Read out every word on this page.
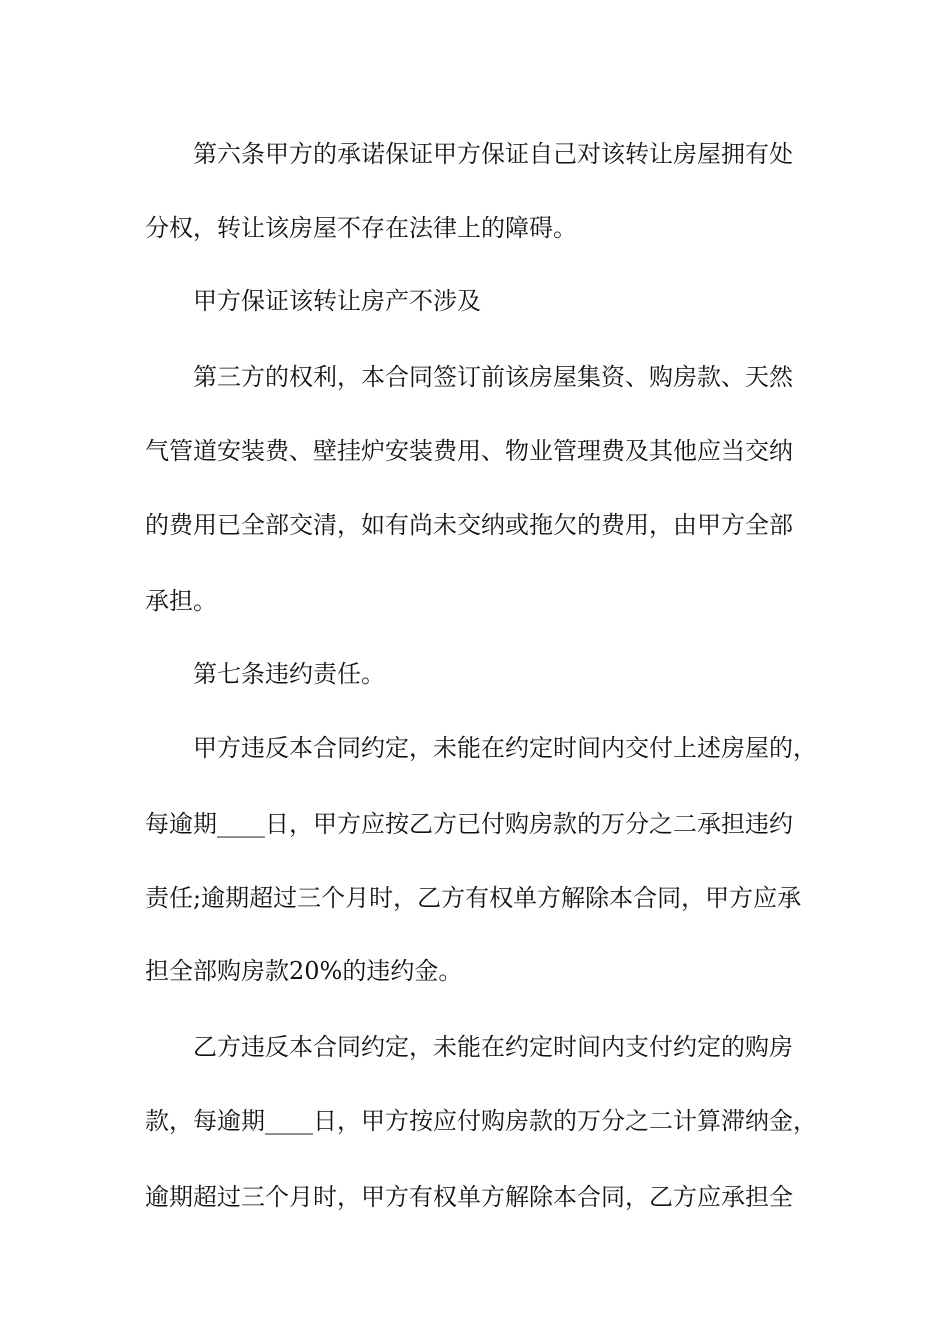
第六条甲方的承诺保证甲方保证自己对该转让房屋拥有处
分权，转让该房屋不存在法律上的障碍。
甲方保证该转让房产不涉及
第三方的权利，本合同签订前该房屋集资、购房款、天然
气管道安装费、壁挂炉安装费用、物业管理费及其他应当交纳
的费用已全部交清，如有尚未交纳或拖欠的费用，由甲方全部
承担。
第七条违约责任。
甲方违反本合同约定，未能在约定时间内交付上述房屋的，
每逾期____日，甲方应按乙方已付购房款的万分之二承担违约
责任;逾期超过三个月时，乙方有权单方解除本合同，甲方应承
担全部购房款20%的违约金。
乙方违反本合同约定，未能在约定时间内支付约定的购房
款，每逾期____日，甲方按应付购房款的万分之二计算滞纳金，
逾期超过三个月时，甲方有权单方解除本合同，乙方应承担全
